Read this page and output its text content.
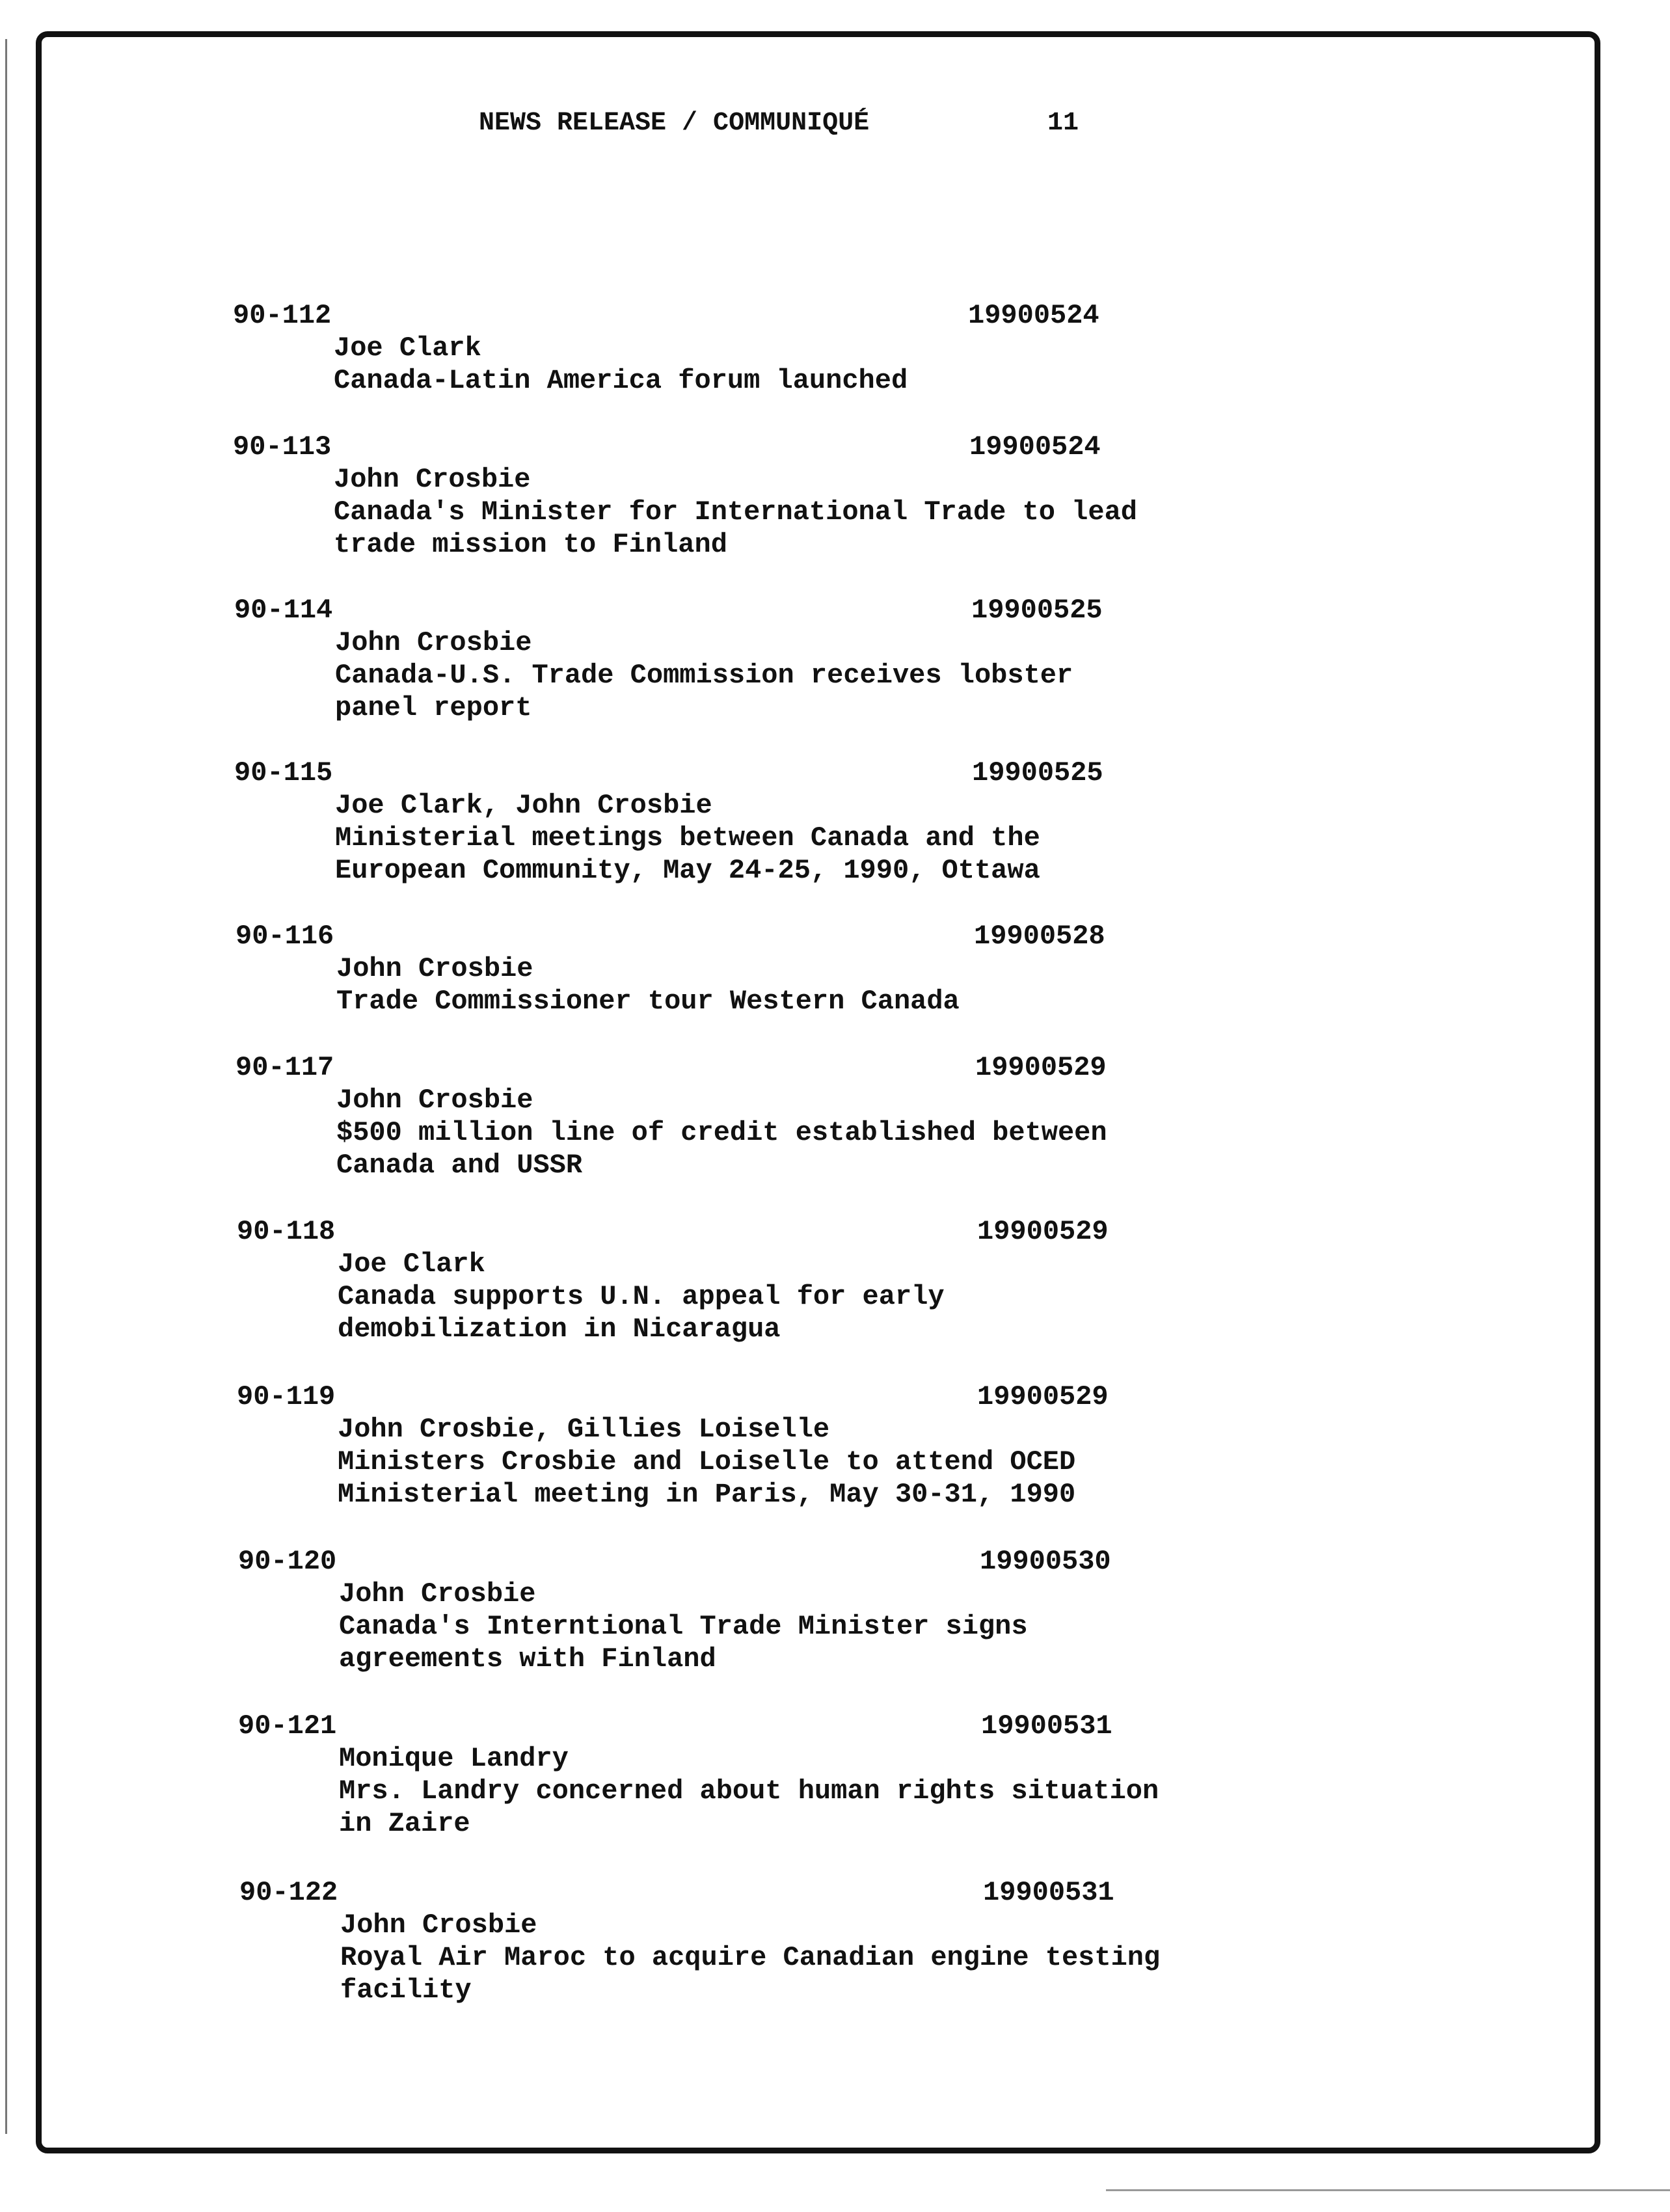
NEWS RELEASE / COMMUNIQUÉ	11
90-112	19900524
Joe Clark
Canada-Latin America forum launched
90-113	19900524
John Crosbie
Canada's Minister for International Trade to lead
trade mission to Finland
90-114	19900525
John Crosbie
Canada-U.S. Trade Commission receives lobster
panel report
90-115	19900525
Joe Clark, John Crosbie
Ministerial meetings between Canada and the
European Community, May 24-25, 1990, Ottawa
90-116	19900528
John Crosbie
Trade Commissioner tour Western Canada
90-117	19900529
John Crosbie
$500 million line of credit established between
Canada and USSR
90-118	19900529
Joe Clark
Canada supports U.N. appeal for early
demobilization in Nicaragua
90-119	19900529
John Crosbie, Gillies Loiselle
Ministers Crosbie and Loiselle to attend OCED
Ministerial meeting in Paris, May 30-31, 1990
90-120	19900530
John Crosbie
Canada's Interntional Trade Minister signs
agreements with Finland
90-121	19900531
Monique Landry
Mrs. Landry concerned about human rights situation
in Zaire
90-122	19900531
John Crosbie
Royal Air Maroc to acquire Canadian engine testing
facility
